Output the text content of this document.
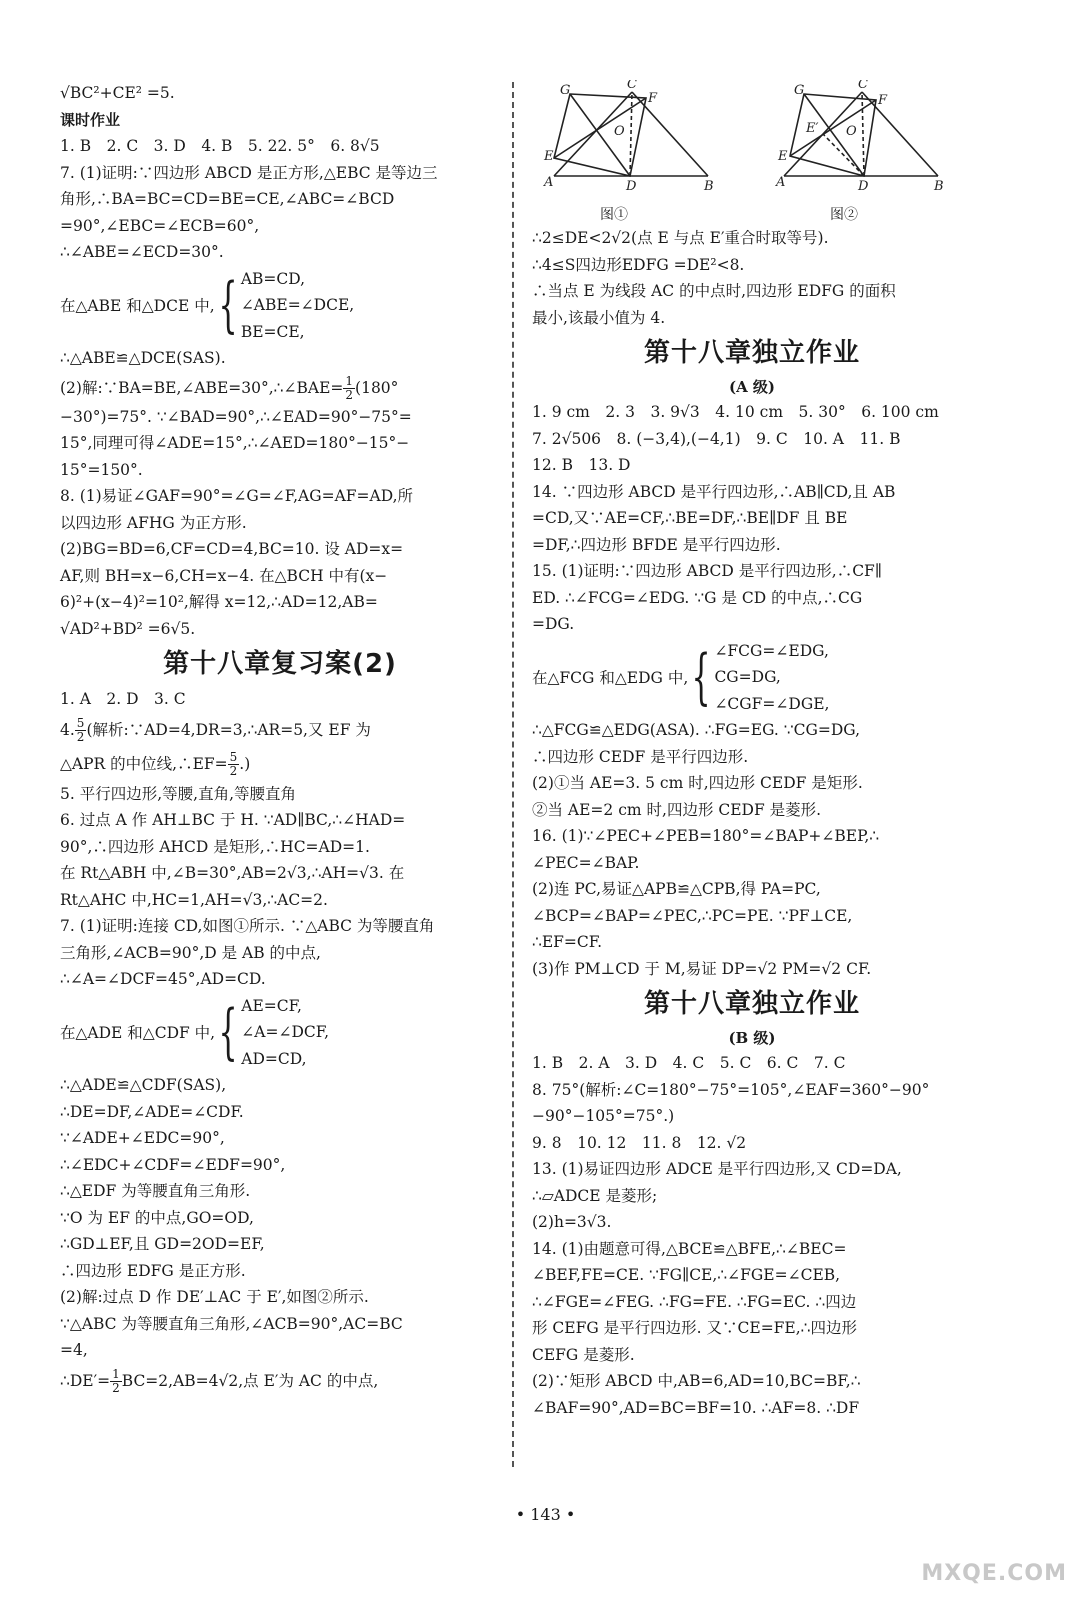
√BC²+CE² =5.
课时作业
1. B　2. C　3. D　4. B　5. 22. 5°　6. 8√5
7. (1)证明:∵四边形 ABCD 是正方形,△EBC 是等边三
角形,∴BA=BC=CD=BE=CE,∠ABC=∠BCD
=90°,∠EBC=∠ECB=60°,
∴∠ABE=∠ECD=30°.
在△ABE 和△DCE 中, { AB=CD,
∠ABE=∠DCE,
BE=CE,
∴△ABE≌△DCE(SAS).
(2)解:∵BA=BE,∠ABE=30°,∴∠BAE= $\frac{1}{2} (180^\circ$
−30°)=75°. ∵∠BAD=90°,∴∠EAD=90°−75°=
15°,同理可得∠ADE=15°,∴∠AED=180°−15°−
15°=150°.
8. (1)易证∠GAF=90°=∠G=∠F,AG=AF=AD,所
以四边形 AFHG 为正方形.
(2)BG=BD=6,CF=CD=4,BC=10. 设 AD=x=
AF,则 BH=x−6,CH=x−4. 在△BCH 中有(x−
6)²+(x−4)²=10²,解得 x=12,∴AD=12,AB=
√AD²+BD² =6√5.
第十八章复习案(2)
1. A　2. D　3. C
4. $\frac{5}{2}$ (解析:∵AD=4,DR=3,∴AR=5,又 EF 为
△APR 的中位线,∴EF= $\frac{5}{2}$ .)
5. 平行四边形,等腰,直角,等腰直角
6. 过点 A 作 AH⊥BC 于 H. ∵AD∥BC,∴∠HAD=
90°,∴四边形 AHCD 是矩形,∴HC=AD=1.
在 Rt△ABH 中,∠B=30°,AB=2√3,∴AH=√3. 在
Rt△AHC 中,HC=1,AH=√3,∴AC=2.
7. (1)证明:连接 CD,如图①所示. ∵△ABC 为等腰直角
三角形,∠ACB=90°,D 是 AB 的中点,
∴∠A=∠DCF=45°,AD=CD.
在△ADE 和△CDF 中, { AE=CF,
∠A=∠DCF,
AD=CD,
∴△ADE≌△CDF(SAS),
∴DE=DF,∠ADE=∠CDF.
∵∠ADE+∠EDC=90°,
∴∠EDC+∠CDF=∠EDF=90°,
∴△EDF 为等腰直角三角形.
∵O 为 EF 的中点,GO=OD,
∴GD⊥EF,且 GD=2OD=EF,
∴四边形 EDFG 是正方形.
(2)解:过点 D 作 DE′⊥AC 于 E′,如图②所示.
∵△ABC 为等腰直角三角形,∠ACB=90°,AC=BC
=4,
∴DE′= $\frac{1}{2} BC=2,AB=4√2$,点 E′为 AC 的中点,
G	C
F
O
E
A	D	B
G	C
F
E′ O
E
A	D	B
图①	图②
∴2≤DE<2√2(点 E 与点 E′重合时取等号).
∴4≤S四边形EDFG =DE²<8.
∴当点 E 为线段 AC 的中点时,四边形 EDFG 的面积
最小,该最小值为 4.
第十八章独立作业
(A 级)
1. 9 cm　2. 3　3. 9√3　4. 10 cm　5. 30°　6. 100 cm
7. 2√506　8. (−3,4),(−4,1)　9. C　10. A　11. B
12. B　13. D
14. ∵四边形 ABCD 是平行四边形,∴AB∥CD,且 AB
=CD,又∵AE=CF,∴BE=DF,∴BE∥DF 且 BE
=DF,∴四边形 BFDE 是平行四边形.
15. (1)证明:∵四边形 ABCD 是平行四边形,∴CF∥
ED. ∴∠FCG=∠EDG. ∵G 是 CD 的中点,∴CG
=DG.
在△FCG 和△EDG 中, { ∠FCG=∠EDG,
CG=DG,
∠CGF=∠DGE,
∴△FCG≌△EDG(ASA). ∴FG=EG. ∵CG=DG,
∴四边形 CEDF 是平行四边形.
(2)①当 AE=3. 5 cm 时,四边形 CEDF 是矩形.
②当 AE=2 cm 时,四边形 CEDF 是菱形.
16. (1)∵∠PEC+∠PEB=180°=∠BAP+∠BEP,∴
∠PEC=∠BAP.
(2)连 PC,易证△APB≌△CPB,得 PA=PC,
∠BCP=∠BAP=∠PEC,∴PC=PE. ∵PF⊥CE,
∴EF=CF.
(3)作 PM⊥CD 于 M,易证 DP=√2 PM=√2 CF.
第十八章独立作业
(B 级)
1. B　2. A　3. D　4. C　5. C　6. C　7. C
8. 75°(解析:∠C=180°−75°=105°,∠EAF=360°−90°
−90°−105°=75°.)
9. 8　10. 12　11. 8　12. √2
13. (1)易证四边形 ADCE 是平行四边形,又 CD=DA,
∴▱ADCE 是菱形;
(2)h=3√3.
14. (1)由题意可得,△BCE≌△BFE,∴∠BEC=
∠BEF,FE=CE. ∵FG∥CE,∴∠FGE=∠CEB,
∴∠FGE=∠FEG. ∴FG=FE. ∴FG=EC. ∴四边
形 CEFG 是平行四边形. 又∵CE=FE,∴四边形
CEFG 是菱形.
(2)∵矩形 ABCD 中,AB=6,AD=10,BC=BF,∴
∠BAF=90°,AD=BC=BF=10. ∴AF=8. ∴DF
• 143 •
MXQE.COM
